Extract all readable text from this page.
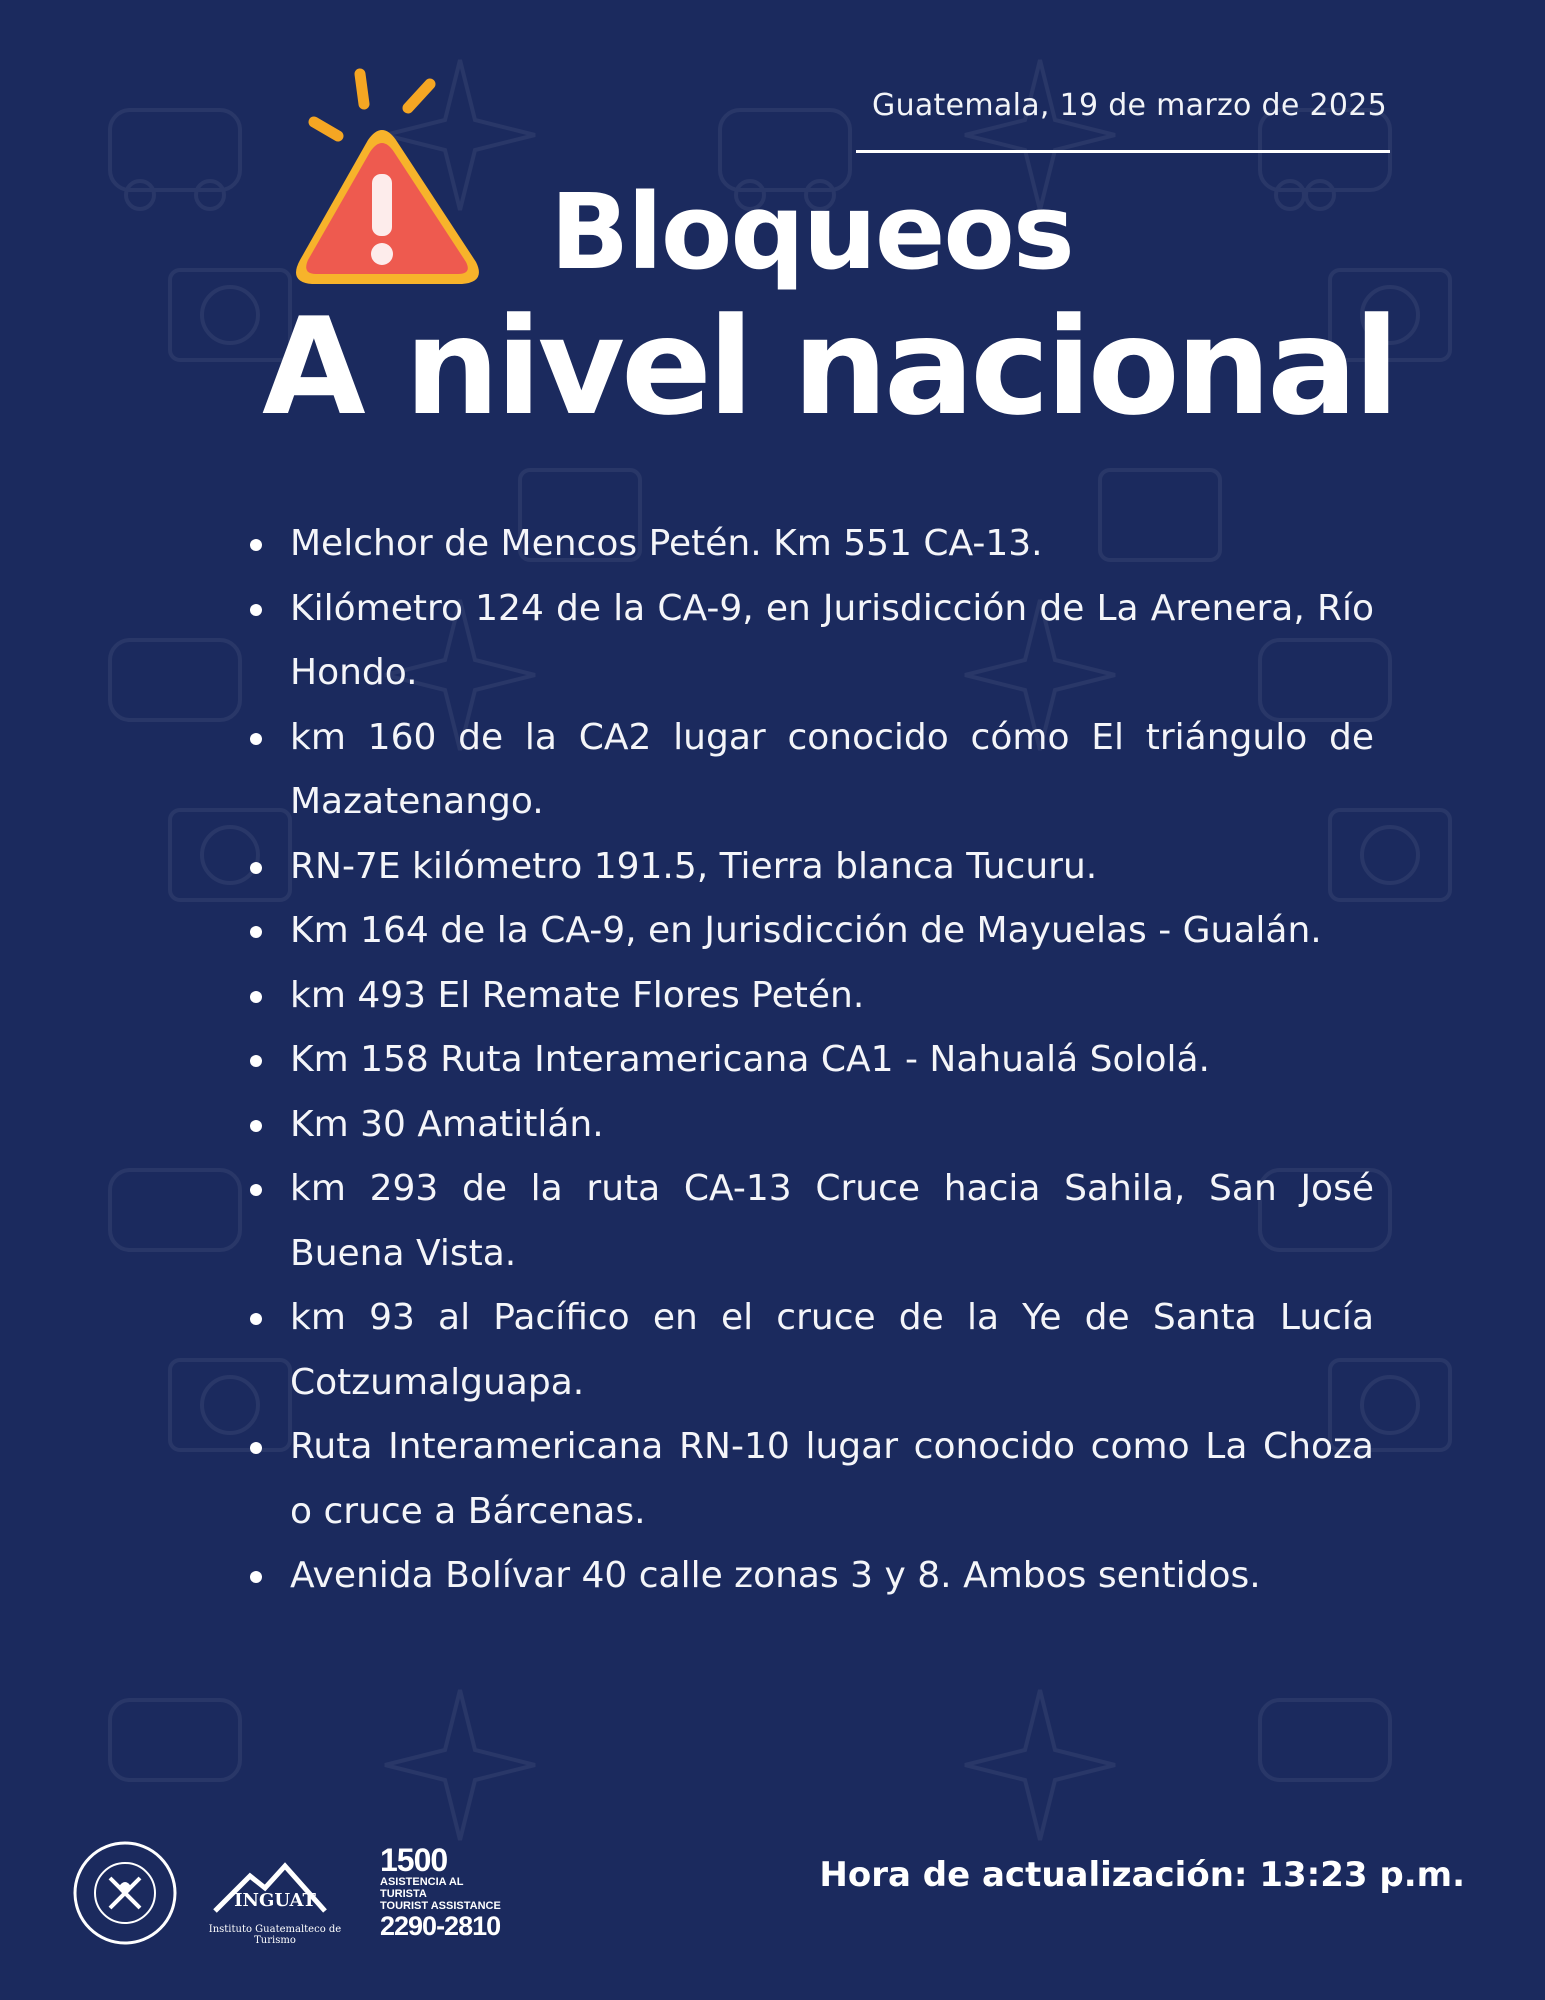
Guatemala, 19 de marzo de 2025
Bloqueos
A nivel nacional
Melchor de Mencos Petén. Km 551 CA-13.
Kilómetro 124 de la CA-9, en Jurisdicción de La Arenera, Río Hondo.
km 160 de la CA2 lugar conocido cómo El triángulo de Mazatenango.
RN-7E kilómetro 191.5, Tierra blanca Tucuru.
Km 164 de la CA-9, en Jurisdicción de Mayuelas - Gualán.
km 493 El Remate Flores Petén.
Km 158 Ruta Interamericana CA1 - Nahualá Sololá.
Km 30 Amatitlán.
km 293 de la ruta CA-13 Cruce hacia Sahila, San José Buena Vista.
km 93 al Pacífico en el cruce de la Ye de Santa Lucía Cotzumalguapa.
Ruta Interamericana RN-10 lugar conocido como La Choza o cruce a Bárcenas.
Avenida Bolívar 40 calle zonas 3 y 8. Ambos sentidos.
INGUAT
Instituto Guatemalteco de Turismo
1500
ASISTENCIA AL TURISTA
TOURIST ASSISTANCE
2290-2810
Hora de actualización: 13:23 p.m.
